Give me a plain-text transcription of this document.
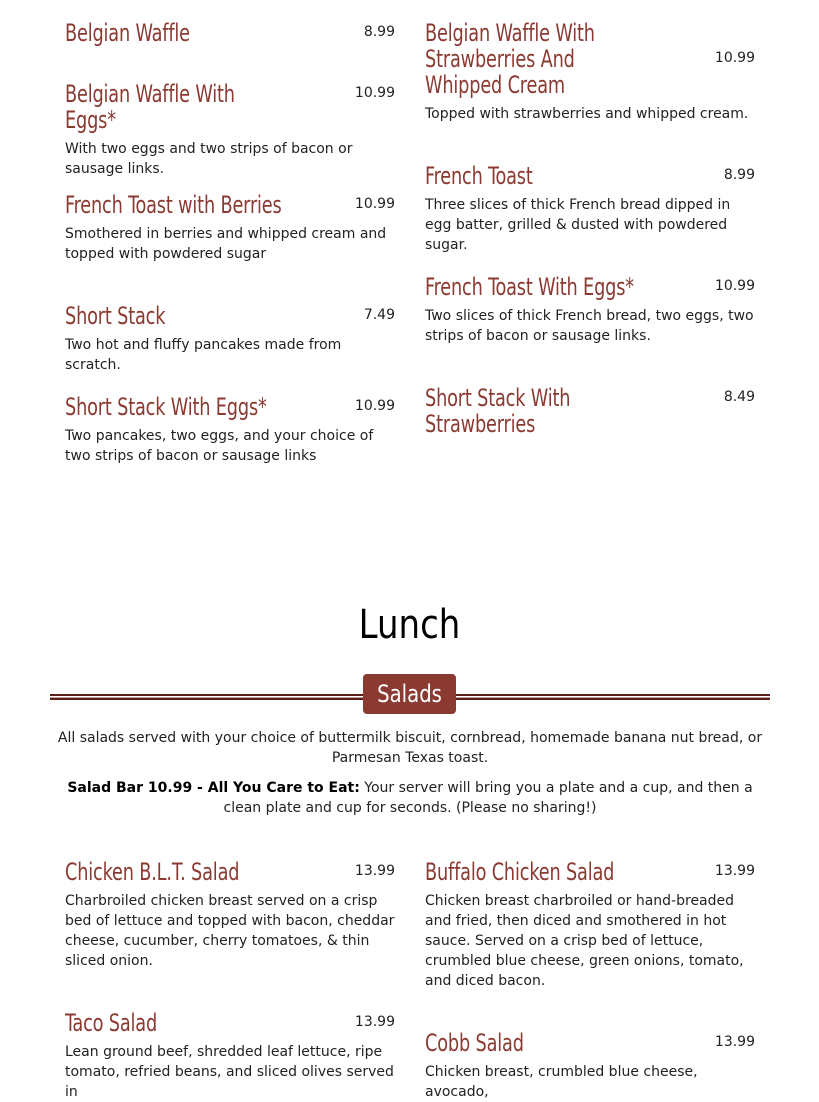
Belgian Waffle	8.99
Belgian Waffle With Eggs*
10.99

With two eggs and two strips of bacon or sausage links.

French Toast with Berries	10.99

Smothered in berries and whipped cream and topped with powdered sugar

Short Stack	7.49

Two hot and fluffy pancakes made from scratch.

Short Stack With Eggs*	10.99

Two pancakes, two eggs, and your choice of two strips of bacon or sausage links

Belgian Waffle With Strawberries And Whipped Cream
10.99

Topped with strawberries and whipped cream.

French Toast	8.99

Three slices of thick French bread dipped in egg batter, grilled & dusted with powdered sugar.

French Toast With Eggs*	10.99

Two slices of thick French bread, two eggs, two strips of bacon or sausage links.

Short Stack With Strawberries
8.49
Lunch
Salads
All salads served with your choice of buttermilk biscuit, cornbread, homemade banana nut bread, or Parmesan Texas toast.
Salad Bar 10.99 - All You Care to Eat: Your server will bring you a plate and a cup, and then a clean plate and cup for seconds. (Please no sharing!)
Chicken B.L.T. Salad	13.99

Charbroiled chicken breast served on a crisp bed of lettuce and topped with bacon, cheddar cheese, cucumber, cherry tomatoes, & thin sliced onion.

Taco Salad	13.99

Lean ground beef, shredded leaf lettuce, ripe tomato, refried beans, and sliced olives served in

Buffalo Chicken Salad	13.99

Chicken breast charbroiled or hand-breaded and fried, then diced and smothered in hot sauce. Served on a crisp bed of lettuce, crumbled blue cheese, green onions, tomato, and diced bacon.

Cobb Salad	13.99

Chicken breast, crumbled blue cheese, avocado,
